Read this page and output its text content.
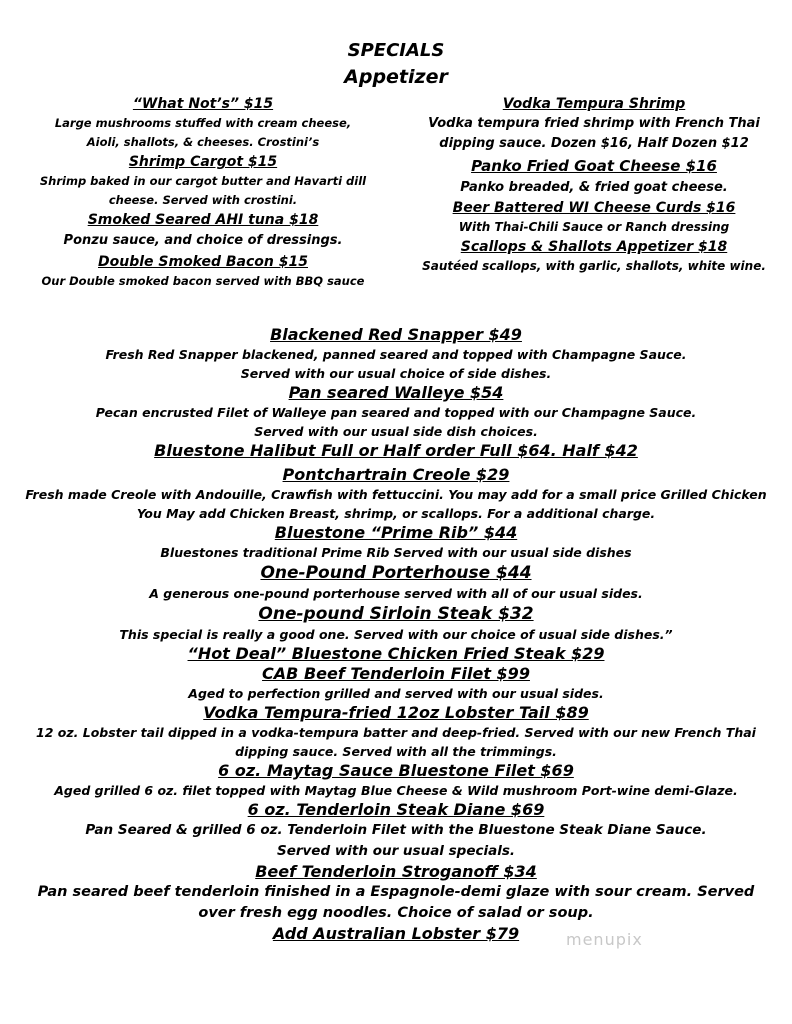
SPECIALS
Appetizer
“What Not’s” $15
Large mushrooms stuffed with cream cheese,
Aioli, shallots, & cheeses. Crostini’s
Shrimp Cargot $15
Shrimp baked in our cargot butter and Havarti dill
cheese. Served with crostini.
Smoked Seared AHI tuna $18
Ponzu sauce, and choice of dressings.
Double Smoked Bacon $15
Our Double smoked bacon served with BBQ sauce
Vodka Tempura Shrimp
Vodka tempura fried shrimp with French Thai
dipping sauce. Dozen $16, Half Dozen $12
Panko Fried Goat Cheese $16
Panko breaded, & fried goat cheese.
Beer Battered WI Cheese Curds $16
With Thai-Chili Sauce or Ranch dressing
Scallops & Shallots Appetizer $18
Sautéed scallops, with garlic, shallots, white wine.
Blackened Red Snapper $49
Fresh Red Snapper blackened, panned seared and topped with Champagne Sauce.
Served with our usual choice of side dishes.
Pan seared Walleye $54
Pecan encrusted Filet of Walleye pan seared and topped with our Champagne Sauce.
Served with our usual side dish choices.
Bluestone Halibut Full or Half order Full $64. Half $42
Pontchartrain Creole $29
Fresh made Creole with Andouille, Crawfish with fettuccini. You may add for a small price Grilled Chicken
You May add Chicken Breast, shrimp, or scallops. For a additional charge.
Bluestone “Prime Rib” $44
Bluestones traditional Prime Rib Served with our usual side dishes
One-Pound Porterhouse $44
A generous one-pound porterhouse served with all of our usual sides.
One-pound Sirloin Steak $32
This special is really a good one. Served with our choice of usual side dishes.”
“Hot Deal” Bluestone Chicken Fried Steak $29
CAB Beef Tenderloin Filet $99
Aged to perfection grilled and served with our usual sides.
Vodka Tempura-fried 12oz Lobster Tail $89
12 oz. Lobster tail dipped in a vodka-tempura batter and deep-fried. Served with our new French Thai
dipping sauce. Served with all the trimmings.
6 oz. Maytag Sauce Bluestone Filet $69
Aged grilled 6 oz. filet topped with Maytag Blue Cheese & Wild mushroom Port-wine demi-Glaze.
6 oz. Tenderloin Steak Diane $69
Pan Seared & grilled 6 oz. Tenderloin Filet with the Bluestone Steak Diane Sauce.
Served with our usual specials.
Beef Tenderloin Stroganoff $34
Pan seared beef tenderloin finished in a Espagnole-demi glaze with sour cream. Served
over fresh egg noodles. Choice of salad or soup.
Add Australian Lobster $79	menupix
